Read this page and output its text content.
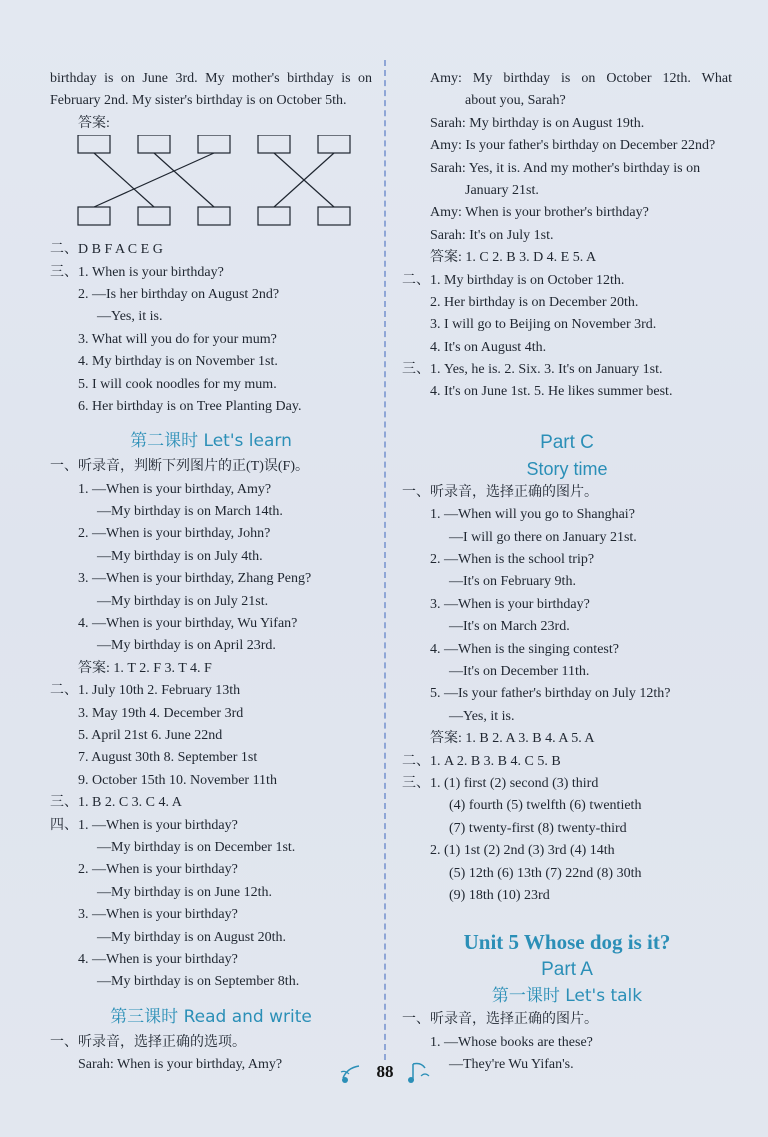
birthday is on June 3rd. My mother's birthday is on
February 2nd. My sister's birthday is on October 5th.
答案:
二、D B F A C E G
三、1. When is your birthday?
2. —Is her birthday on August 2nd?
—Yes, it is.
3. What will you do for your mum?
4. My birthday is on November 1st.
5. I will cook noodles for my mum.
6. Her birthday is on Tree Planting Day.
第二课时 Let's learn
一、听录音，判断下列图片的正(T)误(F)。
1. —When is your birthday, Amy?
—My birthday is on March 14th.
2. —When is your birthday, John?
—My birthday is on July 4th.
3. —When is your birthday, Zhang Peng?
—My birthday is on July 21st.
4. —When is your birthday, Wu Yifan?
—My birthday is on April 23rd.
答案: 1. T 2. F 3. T 4. F
二、1. July 10th 2. February 13th
3. May 19th 4. December 3rd
5. April 21st 6. June 22nd
7. August 30th 8. September 1st
9. October 15th 10. November 11th
三、1. B 2. C 3. C 4. A
四、1. —When is your birthday?
—My birthday is on December 1st.
2. —When is your birthday?
—My birthday is on June 12th.
3. —When is your birthday?
—My birthday is on August 20th.
4. —When is your birthday?
—My birthday is on September 8th.
第三课时 Read and write
一、听录音，选择正确的选项。
Sarah: When is your birthday, Amy?
Amy: My birthday is on October 12th. What
about you, Sarah?
Sarah: My birthday is on August 19th.
Amy: Is your father's birthday on December 22nd?
Sarah: Yes, it is. And my mother's birthday is on
January 21st.
Amy: When is your brother's birthday?
Sarah: It's on July 1st.
答案: 1. C 2. B 3. D 4. E 5. A
二、1. My birthday is on October 12th.
2. Her birthday is on December 20th.
3. I will go to Beijing on November 3rd.
4. It's on August 4th.
三、1. Yes, he is. 2. Six. 3. It's on January 1st.
4. It's on June 1st. 5. He likes summer best.
Part C
Story time
一、听录音，选择正确的图片。
1. —When will you go to Shanghai?
—I will go there on January 21st.
2. —When is the school trip?
—It's on February 9th.
3. —When is your birthday?
—It's on March 23rd.
4. —When is the singing contest?
—It's on December 11th.
5. —Is your father's birthday on July 12th?
—Yes, it is.
答案: 1. B 2. A 3. B 4. A 5. A
二、1. A 2. B 3. B 4. C 5. B
三、1. (1) first (2) second (3) third
(4) fourth (5) twelfth (6) twentieth
(7) twenty-first (8) twenty-third
2. (1) 1st (2) 2nd (3) 3rd (4) 14th
(5) 12th (6) 13th (7) 22nd (8) 30th
(9) 18th (10) 23rd
Unit 5 Whose dog is it?
Part A
第一课时 Let's talk
一、听录音，选择正确的图片。
1. —Whose books are these?
—They're Wu Yifan's.
88
